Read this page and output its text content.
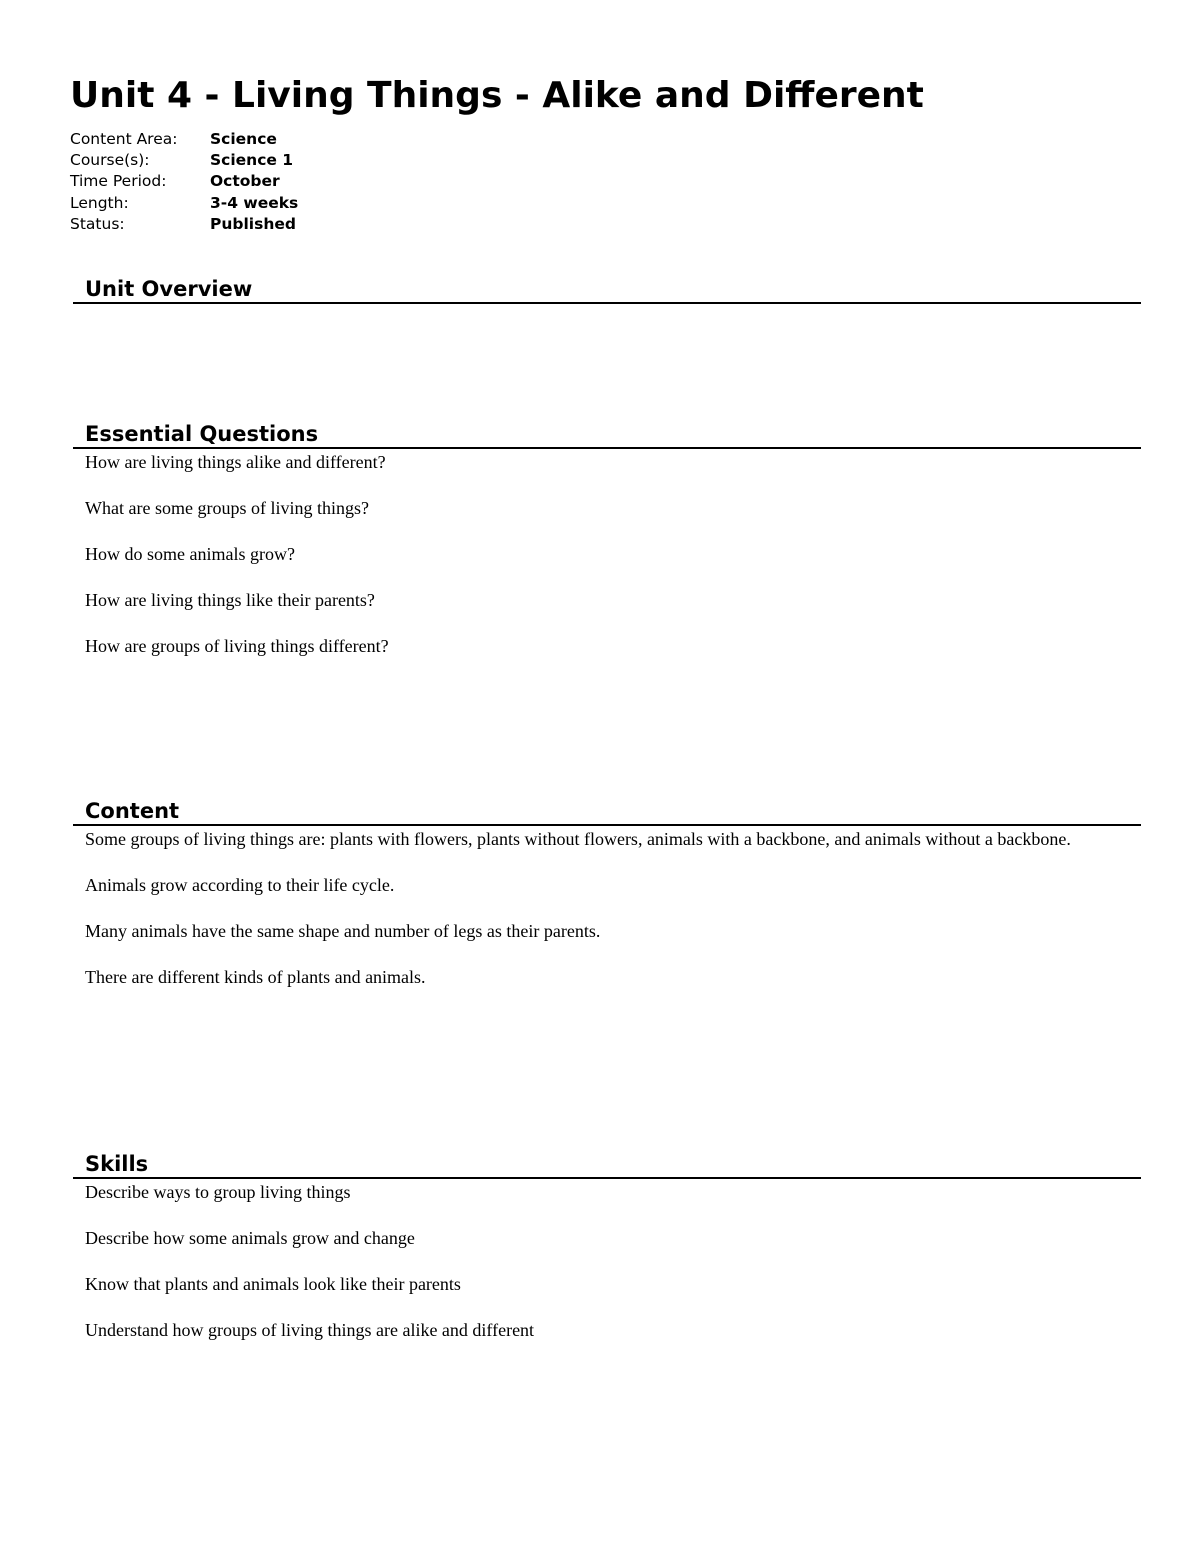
Unit 4 - Living Things - Alike and Different
Content Area:	Science
Course(s):	Science 1
Time Period:	October
Length:	3-4 weeks
Status:	Published
Unit Overview
Essential Questions

How are living things alike and different?

What are some groups of living things?

How do some animals grow?

How are living things like their parents?

How are groups of living things different?

Content

Some groups of living things are: plants with flowers, plants without flowers, animals with a backbone, and animals without a backbone.

Animals grow according to their life cycle.

Many animals have the same shape and number of legs as their parents.

There are different kinds of plants and animals.

Skills

Describe ways to group living things

Describe how some animals grow and change

Know that plants and animals look like their parents

Understand how groups of living things are alike and different
